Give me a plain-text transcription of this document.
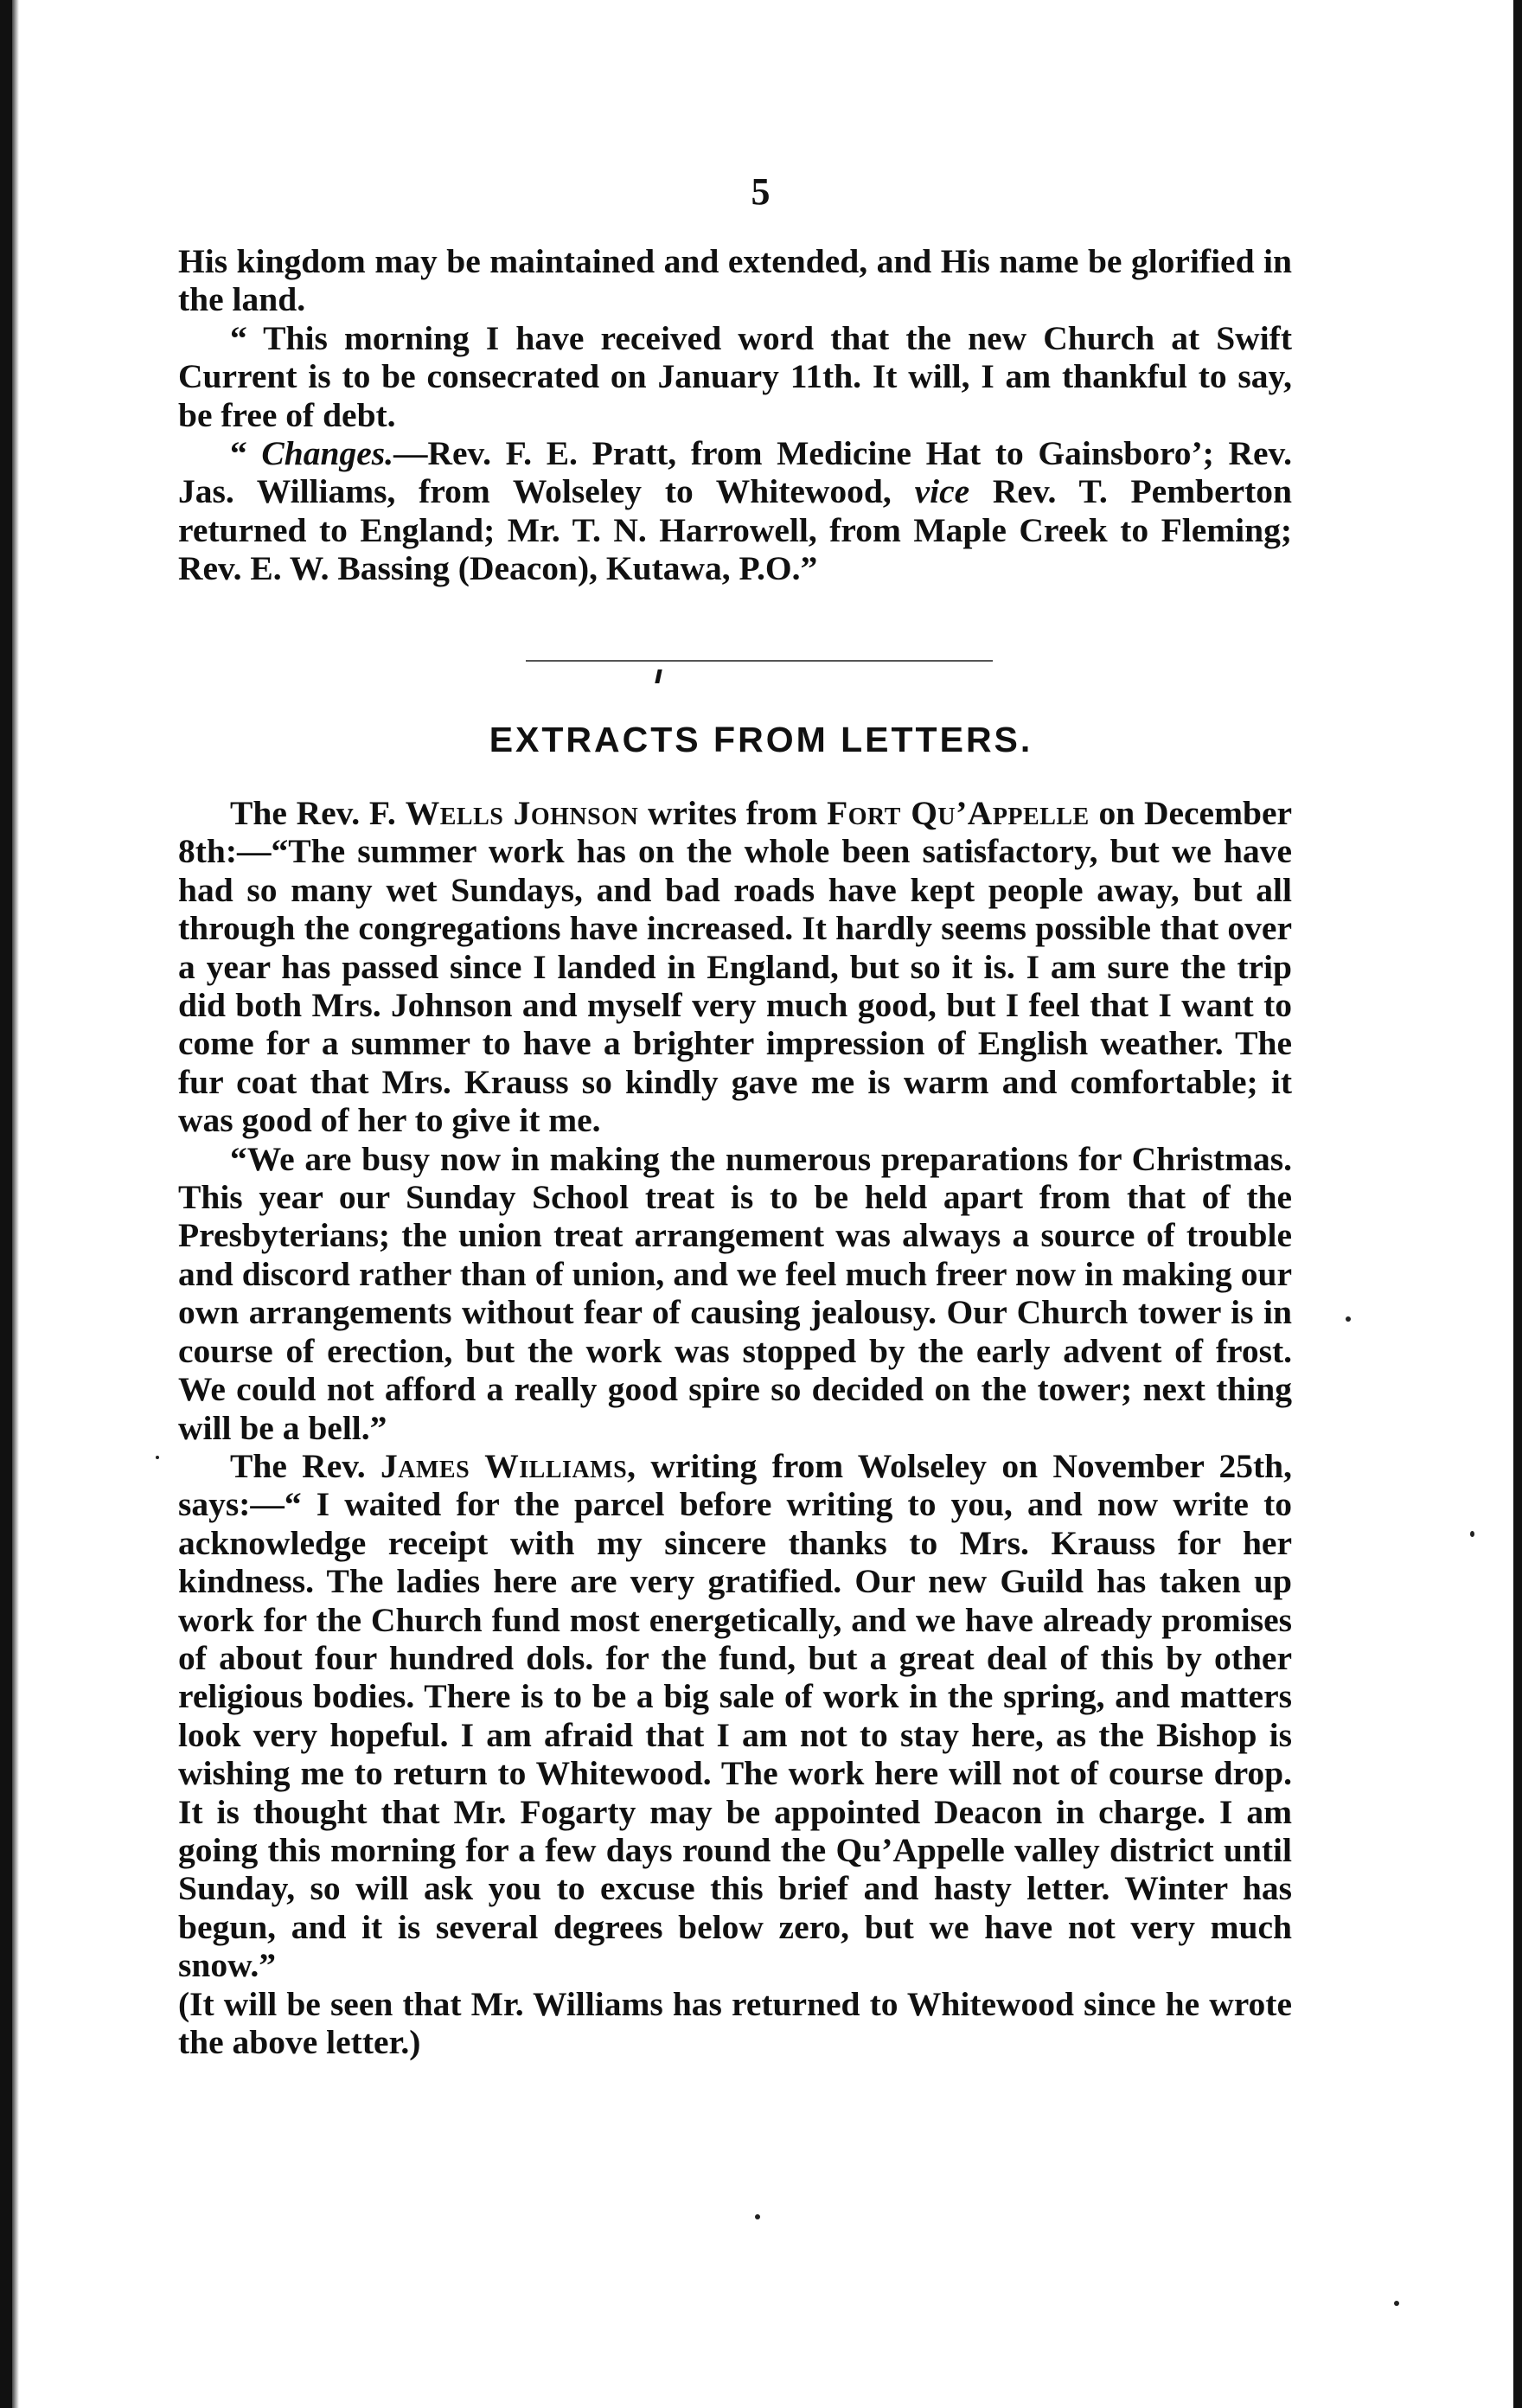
5

His kingdom may be maintained and extended, and His name be glorified in the land.

“ This morning I have received word that the new Church at Swift Current is to be consecrated on January 11th. It will, I am thankful to say, be free of debt.

“ Changes.—Rev. F. E. Pratt, from Medicine Hat to Gainsboro’; Rev. Jas. Williams, from Wolseley to Whitewood, vice Rev. T. Pemberton returned to England; Mr. T. N. Harrowell, from Maple Creek to Fleming; Rev. E. W. Bassing (Deacon), Kutawa, P.O.”

EXTRACTS FROM LETTERS.

The Rev. F. Wells Johnson writes from Fort Qu’Appelle on December 8th:—“The summer work has on the whole been satisfactory, but we have had so many wet Sundays, and bad roads have kept people away, but all through the congregations have increased. It hardly seems possible that over a year has passed since I landed in England, but so it is. I am sure the trip did both Mrs. Johnson and myself very much good, but I feel that I want to come for a summer to have a brighter impression of English weather. The fur coat that Mrs. Krauss so kindly gave me is warm and comfortable; it was good of her to give it me.

“We are busy now in making the numerous preparations for Christmas. This year our Sunday School treat is to be held apart from that of the Presbyterians; the union treat arrangement was always a source of trouble and discord rather than of union, and we feel much freer now in making our own arrangements without fear of causing jealousy. Our Church tower is in course of erection, but the work was stopped by the early advent of frost. We could not afford a really good spire so decided on the tower; next thing will be a bell.”

The Rev. James Williams, writing from Wolseley on November 25th, says:—“ I waited for the parcel before writing to you, and now write to acknowledge receipt with my sincere thanks to Mrs. Krauss for her kindness. The ladies here are very gratified. Our new Guild has taken up work for the Church fund most energetically, and we have already promises of about four hundred dols. for the fund, but a great deal of this by other religious bodies. There is to be a big sale of work in the spring, and matters look very hopeful. I am afraid that I am not to stay here, as the Bishop is wishing me to return to Whitewood. The work here will not of course drop. It is thought that Mr. Fogarty may be appointed Deacon in charge. I am going this morning for a few days round the Qu’Appelle valley district until Sunday, so will ask you to excuse this brief and hasty letter. Winter has begun, and it is several degrees below zero, but we have not very much snow.”

(It will be seen that Mr. Williams has returned to Whitewood since he wrote the above letter.)
